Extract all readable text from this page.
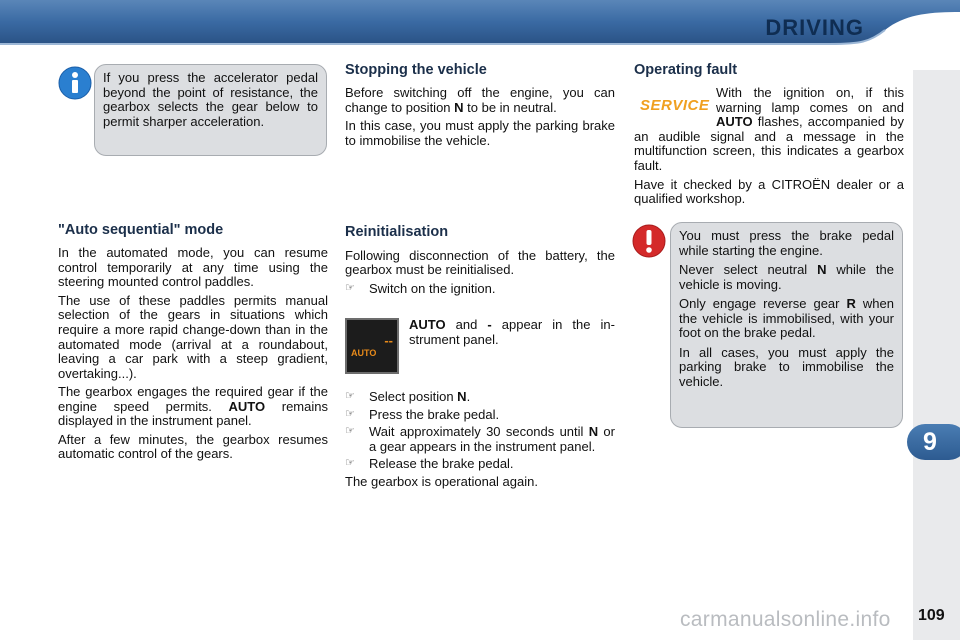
DRIVING
9

If you press the accelerator pedal beyond the point of resistance, the gearbox selects the gear below to permit sharper acceleration.

"Auto sequential" mode

In the automated mode, you can resume control temporarily at any time using the steering mounted control paddles.

The use of these paddles permits manual selection of the gears in situations which require a more rapid change-down than in the automated mode (arrival at a roundabout, leaving a car park with a steep gradient, overtaking...).

The gearbox engages the required gear if the engine speed permits. AUTO remains displayed in the instrument panel.

After a few minutes, the gearbox resumes automatic control of the gears.

Stopping the vehicle

Before switching off the engine, you can change to position N to be in neutral.

In this case, you must apply the parking brake to immobilise the vehicle.

Reinitialisation

Following disconnection of the battery, the gearbox must be reinitialised.

☞	Switch on the ignition.
--
AUTO

AUTO and - appear in the instrument panel.

☞	Select position N.
☞	Press the brake pedal.
☞	Wait approximately 30 seconds until N or a gear appears in the instrument panel.
☞	Release the brake pedal.

The gearbox is operational again.

Operating fault
SERVICE

With the ignition on, if this warning lamp comes on and AUTO flashes, accompanied by an audible signal and a message in the multifunction screen, this indicates a gearbox fault.

Have it checked by a CITROËN dealer or a qualified workshop.

You must press the brake pedal while starting the engine.

Never select neutral N while the vehicle is moving.

Only engage reverse gear R when the vehicle is immobilised, with your foot on the brake pedal.

In all cases, you must apply the parking brake to immobilise the vehicle.

carmanualsonline.info 109
